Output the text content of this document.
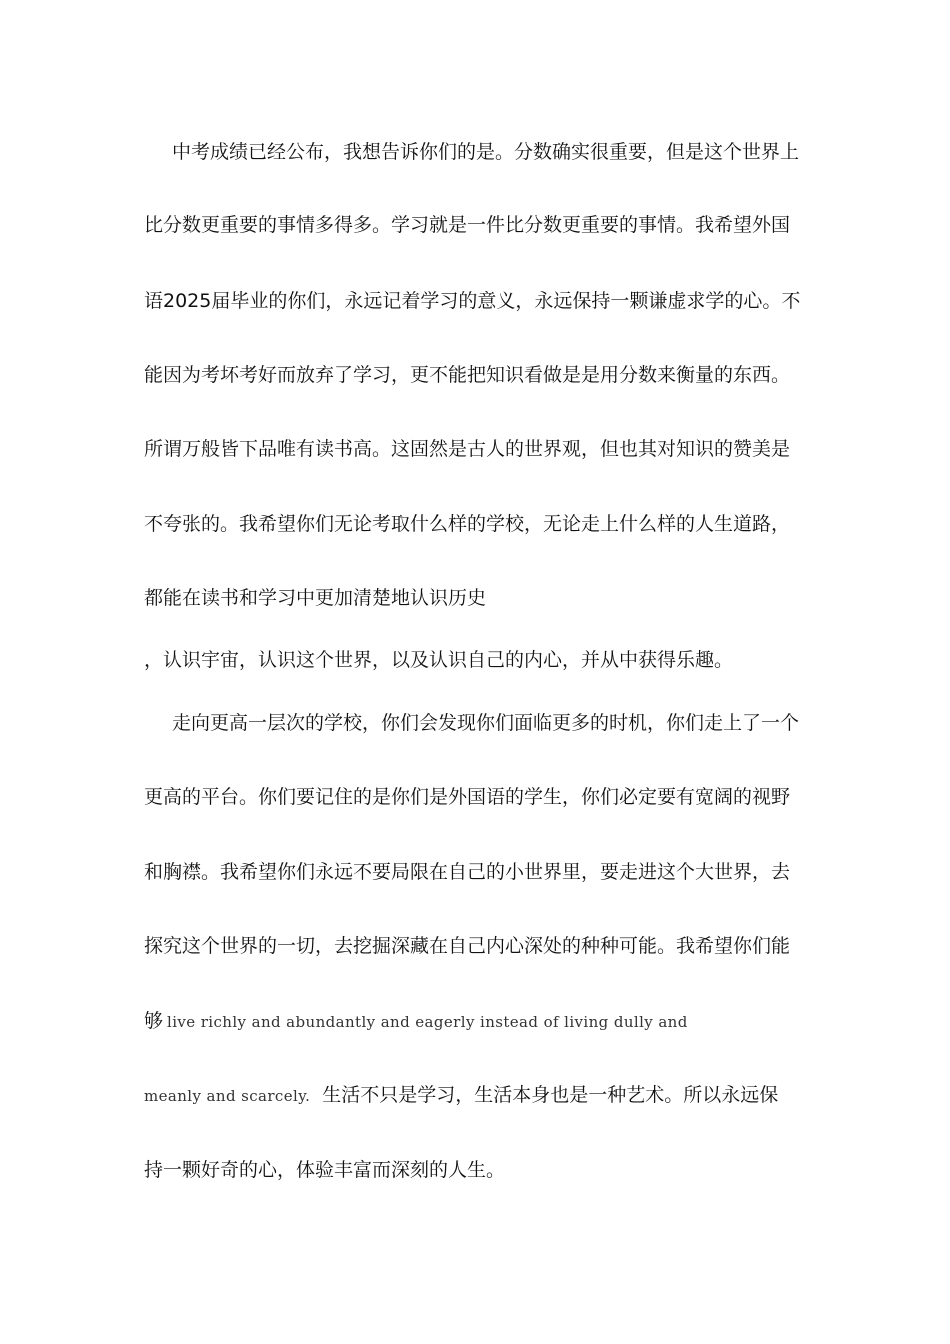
中考成绩已经公布，我想告诉你们的是。分数确实很重要，但是这个世界上
比分数更重要的事情多得多。学习就是一件比分数更重要的事情。我希望外国
语2025届毕业的你们，永远记着学习的意义，永远保持一颗谦虚求学的心。不
能因为考坏考好而放弃了学习，更不能把知识看做是是用分数来衡量的东西。
所谓万般皆下品唯有读书高。这固然是古人的世界观，但也其对知识的赞美是
不夸张的。我希望你们无论考取什么样的学校，无论走上什么样的人生道路，
都能在读书和学习中更加清楚地认识历史
，认识宇宙，认识这个世界，以及认识自己的内心，并从中获得乐趣。
走向更高一层次的学校，你们会发现你们面临更多的时机，你们走上了一个
更高的平台。你们要记住的是你们是外国语的学生，你们必定要有宽阔的视野
和胸襟。我希望你们永远不要局限在自己的小世界里，要走进这个大世界，去
探究这个世界的一切，去挖掘深藏在自己内心深处的种种可能。我希望你们能
够 live richly and abundantly and eagerly instead of living dully and
meanly and scarcely. 生活不只是学习，生活本身也是一种艺术。所以永远保
持一颗好奇的心，体验丰富而深刻的人生。
